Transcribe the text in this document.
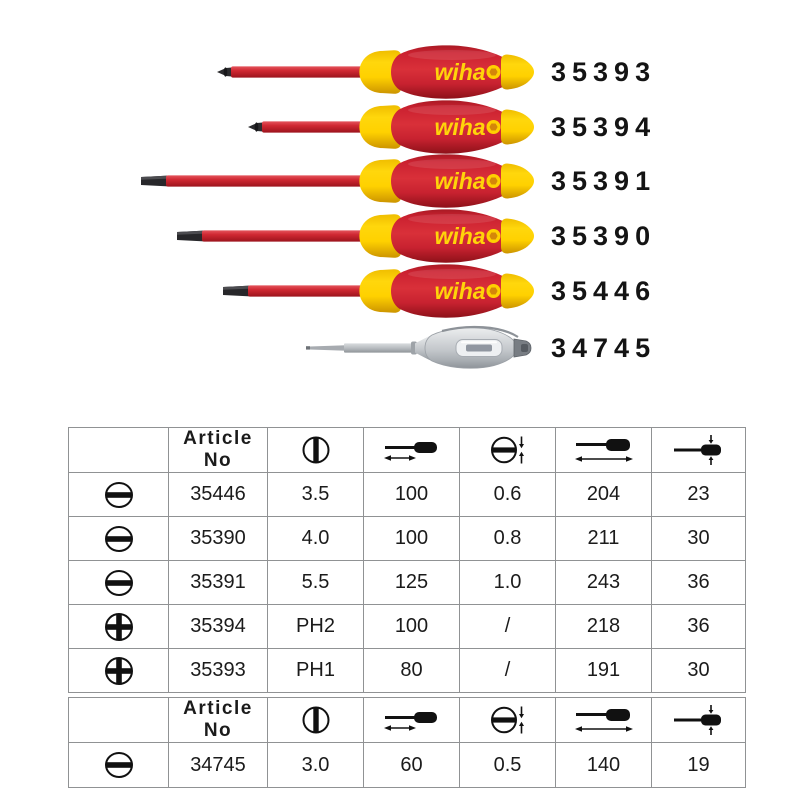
35393
35394
35391
35390
35446
34745
	Article No					
	35446	3.5	100	0.6	204	23
	35390	4.0	100	0.8	211	30
	35391	5.5	125	1.0	243	36
	35394	PH2	100	/	218	36
	35393	PH1	80	/	191	30
	Article No					
	34745	3.0	60	0.5	140	19
